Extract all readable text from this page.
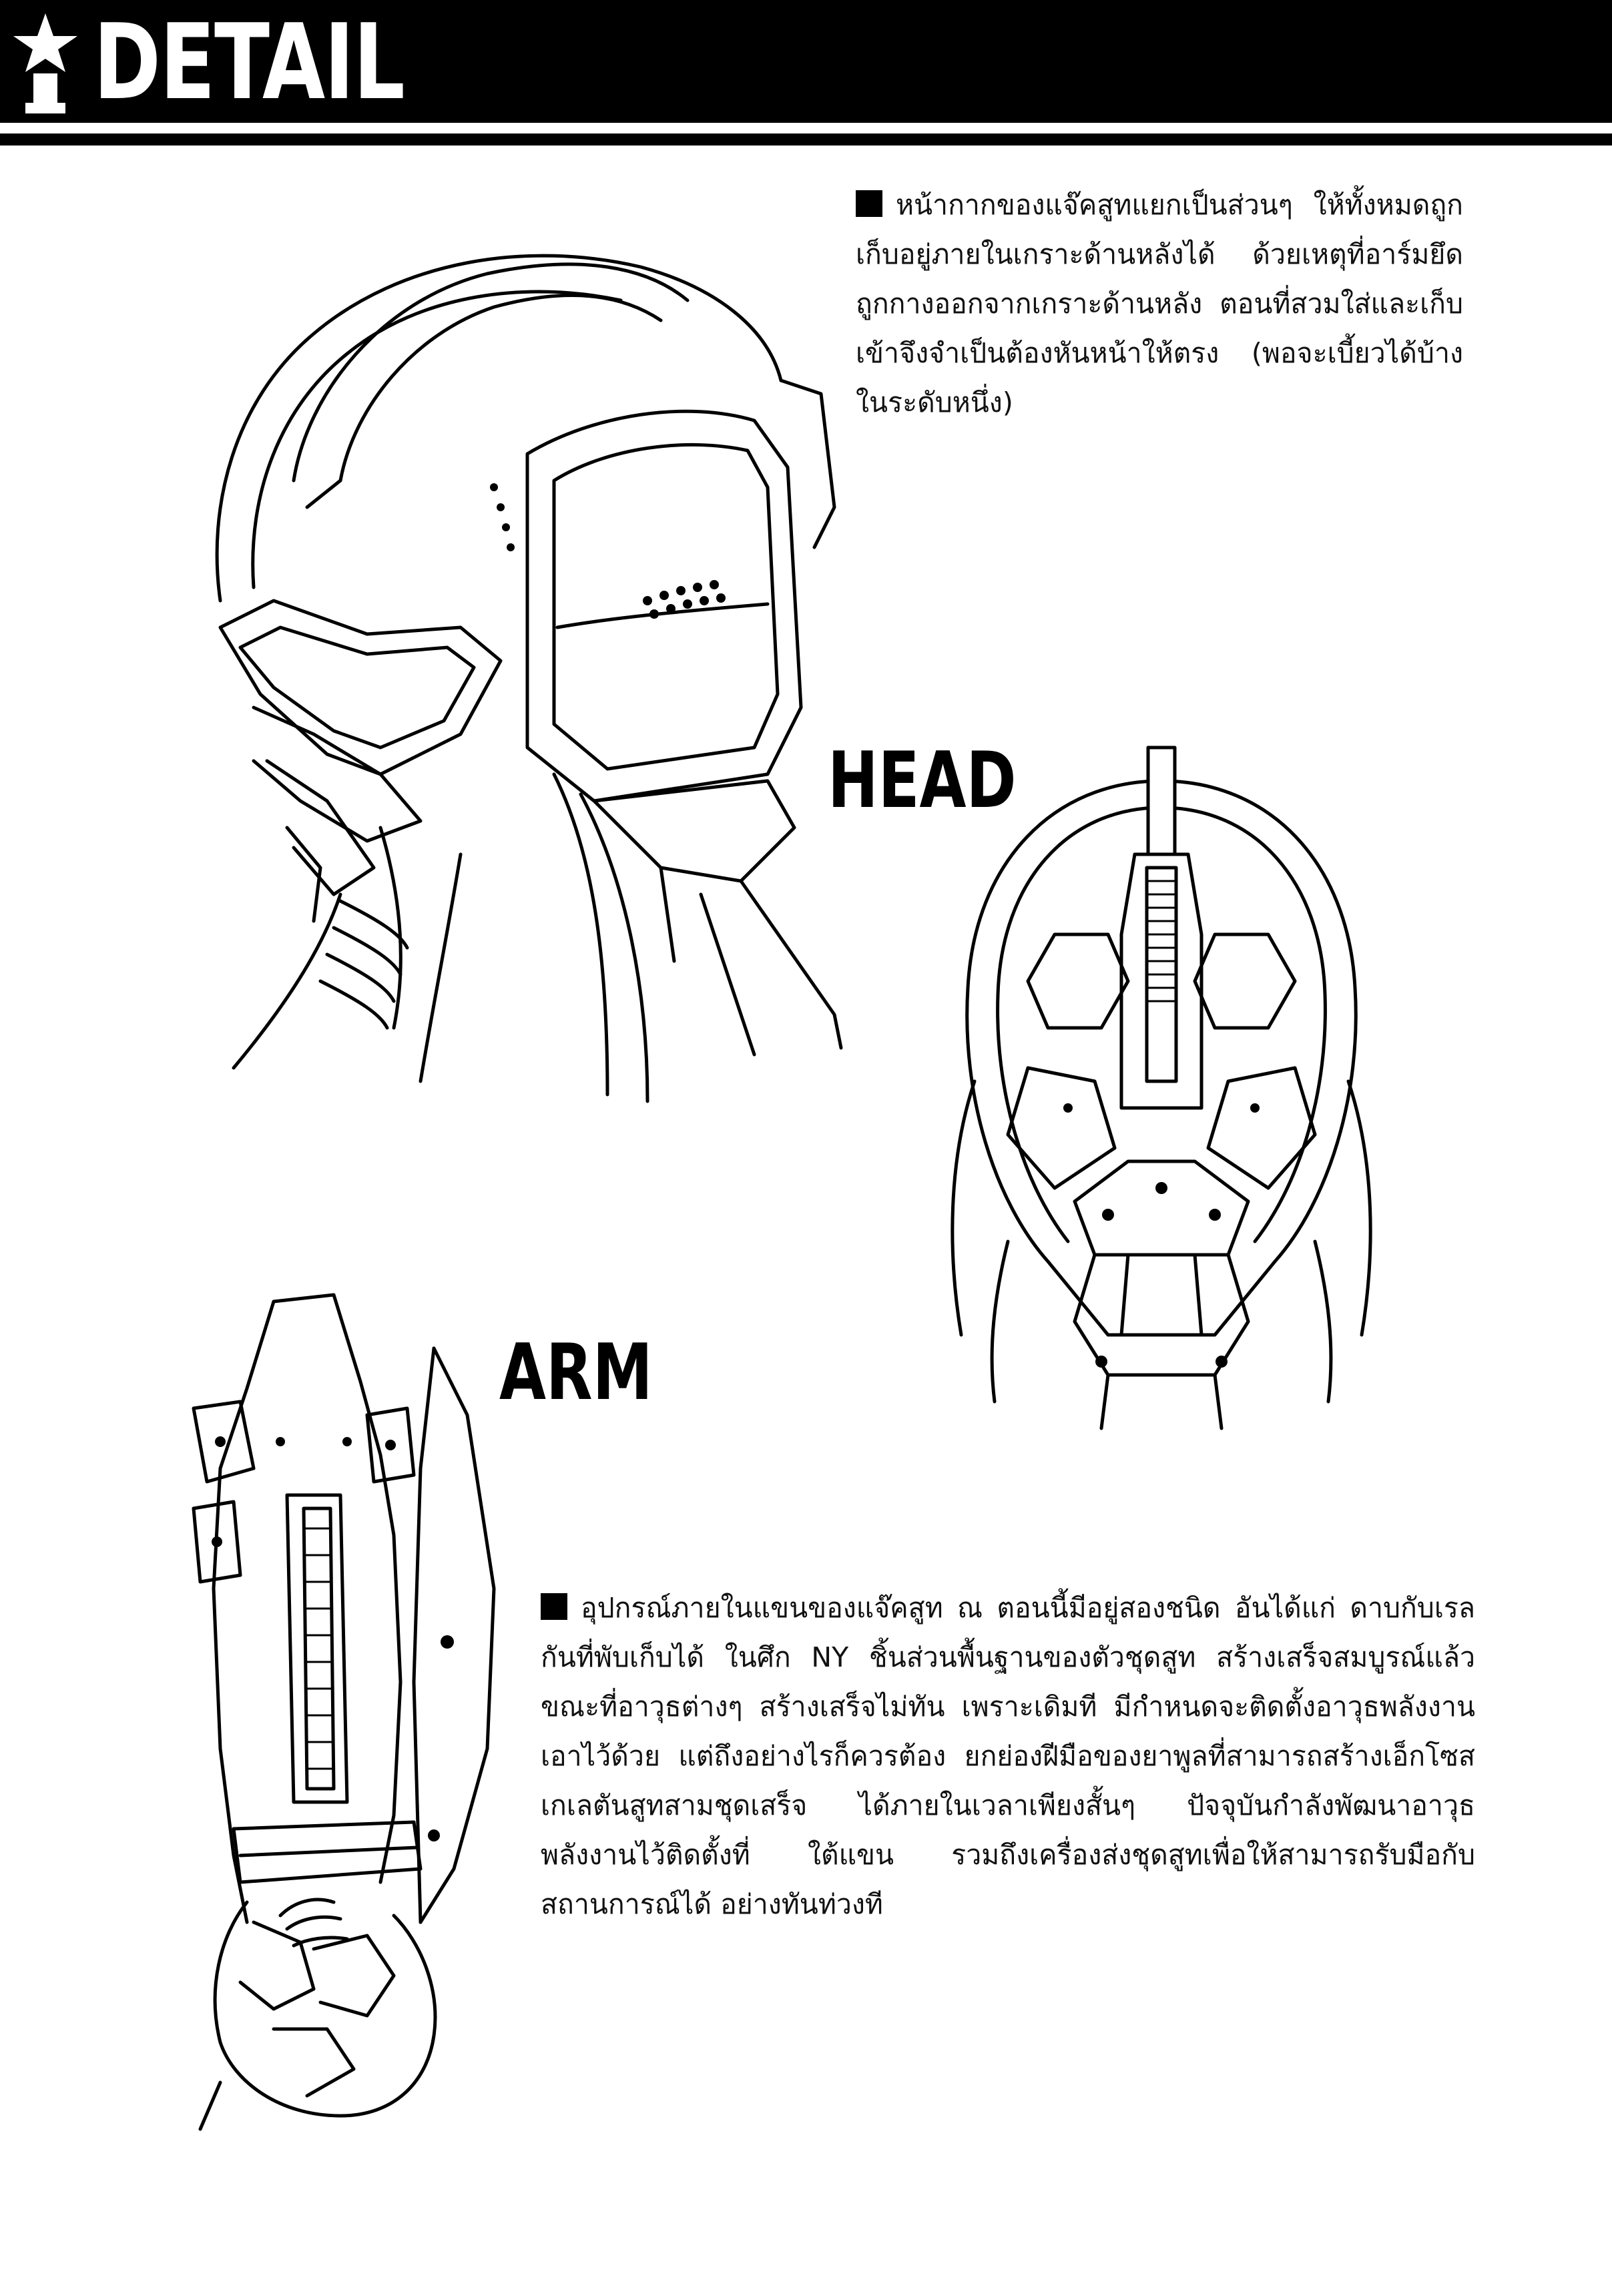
DETAIL
หน้ากากของแจ๊คสูทแยกเป็นส่วนๆ ให้ทั้งหมดถูกเก็บอยู่ภายในเกราะด้านหลังได้ ด้วยเหตุที่อาร์มยึดถูกกางออกจากเกราะด้านหลัง ตอนที่สวมใส่และเก็บเข้าจึงจำเป็นต้องหันหน้าให้ตรง (พอจะเบี้ยวได้บ้างในระดับหนึ่ง)
HEAD
ARM
อุปกรณ์ภายในแขนของแจ๊คสูท ณ ตอนนี้มีอยู่สองชนิด อันได้แก่ ดาบกับเรลกันที่พับเก็บได้ ในศึก NY ชิ้นส่วนพื้นฐานของตัวชุดสูท สร้างเสร็จสมบูรณ์แล้ว ขณะที่อาวุธต่างๆ สร้างเสร็จไม่ทัน เพราะเดิมที มีกำหนดจะติดตั้งอาวุธพลังงานเอาไว้ด้วย แต่ถึงอย่างไรก็ควรต้อง ยกย่องฝีมือของยาพูลที่สามารถสร้างเอ็กโซสเกเลตันสูทสามชุดเสร็จ ได้ภายในเวลาเพียงสั้นๆ ปัจจุบันกำลังพัฒนาอาวุธพลังงานไว้ติดตั้งที่ ใต้แขน รวมถึงเครื่องส่งชุดสูทเพื่อให้สามารถรับมือกับสถานการณ์ได้ อย่างทันท่วงที
